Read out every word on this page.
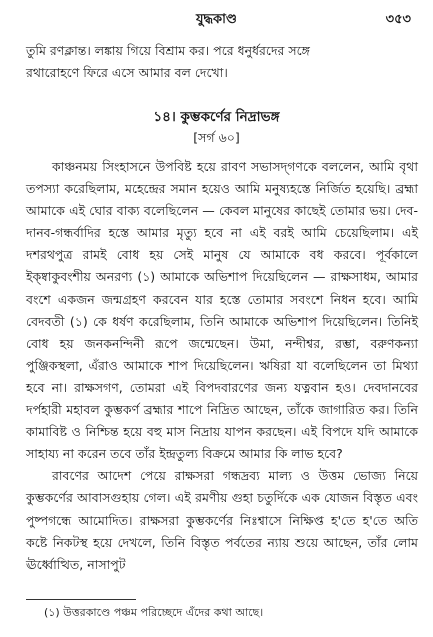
যুদ্ধকাণ্ড	৩৫৩

তুমি রণক্লান্ত। লঙ্কায় গিয়ে বিশ্রাম কর। পরে ধনুর্ধরদের সঙ্গে

রথারোহণে ফিরে এসে আমার বল দেখো।

১৪। কুম্ভকর্ণের নিদ্রাভঙ্গ
[সর্গ ৬০]

কাঞ্চনময় সিংহাসনে উপবিষ্ট হয়ে রাবণ সভাসদ্‌গণকে বললেন, আমি বৃথা তপস্যা করেছিলাম, মহেন্দ্রের সমান হয়েও আমি মনুষ্যহস্তে নির্জিত হয়েছি। ব্রহ্মা আমাকে এই ঘোর বাক্য বলেছিলেন — কেবল মানুষের কাছেই তোমার ভয়। দেব-দানব-গন্ধর্বাদির হস্তে আমার মৃত্যু হবে না এই বরই আমি চেয়েছিলাম। এই দশরথপুত্র রামই বোধ হয় সেই মানুষ যে আমাকে বধ করবে। পূর্বকালে ইক্ষ্বাকুবংশীয় অনরণ্য (১) আমাকে অভিশাপ দিয়েছিলেন — রাক্ষসাধম, আমার বংশে একজন জন্মগ্রহণ করবেন যার হস্তে তোমার সবংশে নিধন হবে। আমি বেদবতী (১) কে ধর্ষণ করেছিলাম, তিনি আমাকে অভিশাপ দিয়েছিলেন। তিনিই বোধ হয় জনকনন্দিনী রূপে জন্মেছেন। উমা, নন্দীশ্বর, রম্ভা, বরুণকন্যা পুঞ্জিকস্থলা, এঁরাও আমাকে শাপ দিয়েছিলেন। ঋষিরা যা বলেছিলেন তা মিথ্যা হবে না। রাক্ষসগণ, তোমরা এই বিপদবারণের জন্য যত্নবান হও। দেবদানবের দর্পহারী মহাবল কুম্ভকর্ণ ব্রহ্মার শাপে নিদ্রিত আছেন, তাঁকে জাগারিত কর। তিনি কামাবিষ্ট ও নিশ্চিন্ত হয়ে বহু মাস নিদ্রায় যাপন করছেন। এই বিপদে যদি আমাকে সাহায্য না করেন তবে তাঁর ইন্দ্রতুল্য বিক্রমে আমার কি লাভ হবে?

রাবণের আদেশ পেয়ে রাক্ষসরা গন্ধদ্রব্য মাল্য ও উত্তম ভোজ্য নিয়ে কুম্ভকর্ণের আবাসগুহায় গেল। এই রমণীয় গুহা চতুর্দিকে এক যোজন বিস্তৃত এবং পুষ্পগন্ধে আমোদিত। রাক্ষসরা কুম্ভকর্ণের নিঃশ্বাসে নিক্ষিপ্ত হ'তে হ'তে অতি কষ্টে নিকটস্থ হয়ে দেখলে, তিনি বিস্তৃত পর্বতের ন্যায় শুয়ে আছেন, তাঁর লোম ঊর্ধ্বোত্থিত, নাসাপুট

(১) উত্তরকাণ্ডে পঞ্চম পরিচ্ছেদে এঁদের কথা আছে।
